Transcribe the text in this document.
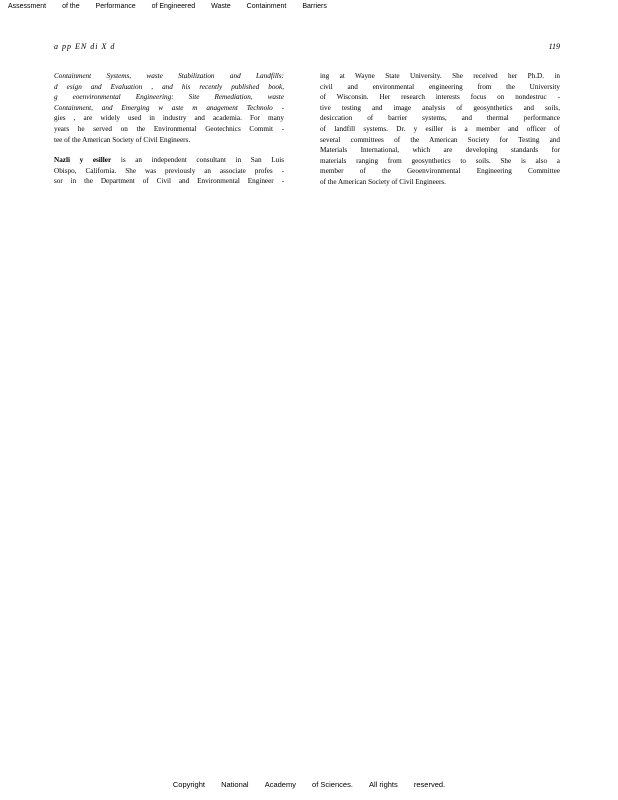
Assessment of the Performance of Engineered Waste Containment Barriers
a pp EN di X d	119

Containment Systems, waste Stabilization and Landfills:
d esign and Evaluation , and his recently published book,
g eoenvironmental Engineering: Site Remediation, waste
Containment, and Emerging w aste m anagement Technolo -
gies , are widely used in industry and academia. For many
years he served on the Environmental Geotechnics Commit -
tee of the American Society of Civil Engineers.

Nazli y esiller is an independent consultant in San Luis
Obispo, California. She was previously an associate profes -
sor in the Department of Civil and Environmental Engineer -

ing at Wayne State University. She received her Ph.D. in
civil and environmental engineering from the University
of Wisconsin. Her research interests focus on nondestruc -
tive testing and image analysis of geosynthetics and soils,
desiccation of barrier systems, and thermal performance
of landfill systems. Dr. y esiller is a member and officer of
several committees of the American Society for Testing and
Materials International, which are developing standards for
materials ranging from geosynthetics to soils. She is also a
member of the Geoenvironmental Engineering Committee
of the American Society of Civil Engineers.

Copyright National Academy of Sciences. All rights reserved.
